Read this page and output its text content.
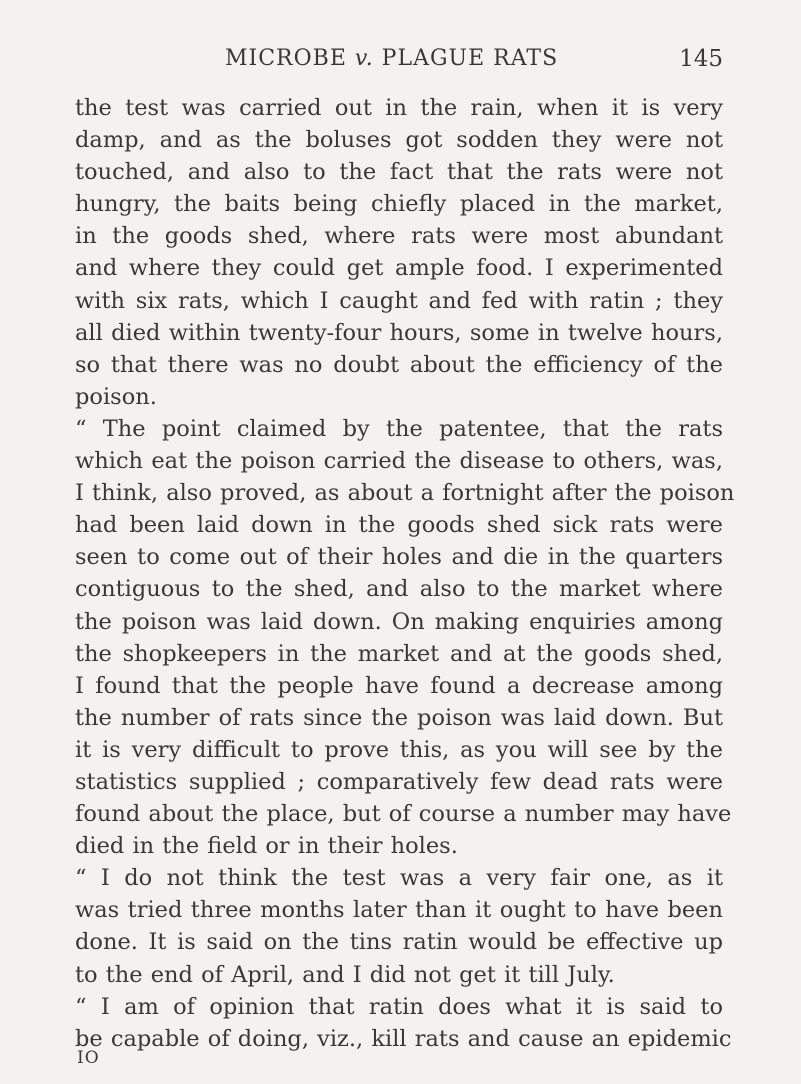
MICROBE v. PLAGUE RATS	145
the test was carried out in the rain, when it is very
damp, and as the boluses got sodden they were not
touched, and also to the fact that the rats were not
hungry, the baits being chiefly placed in the market,
in the goods shed, where rats were most abundant
and where they could get ample food. I experimented
with six rats, which I caught and fed with ratin ; they
all died within twenty-four hours, some in twelve hours,
so that there was no doubt about the efficiency of the
poison.
“ The point claimed by the patentee, that the rats
which eat the poison carried the disease to others, was,
I think, also proved, as about a fortnight after the poison
had been laid down in the goods shed sick rats were
seen to come out of their holes and die in the quarters
contiguous to the shed, and also to the market where
the poison was laid down. On making enquiries among
the shopkeepers in the market and at the goods shed,
I found that the people have found a decrease among
the number of rats since the poison was laid down. But
it is very difficult to prove this, as you will see by the
statistics supplied ; comparatively few dead rats were
found about the place, but of course a number may have
died in the field or in their holes.
“ I do not think the test was a very fair one, as it
was tried three months later than it ought to have been
done. It is said on the tins ratin would be effective up
to the end of April, and I did not get it till July.
“ I am of opinion that ratin does what it is said to
be capable of doing, viz., kill rats and cause an epidemic
IO
